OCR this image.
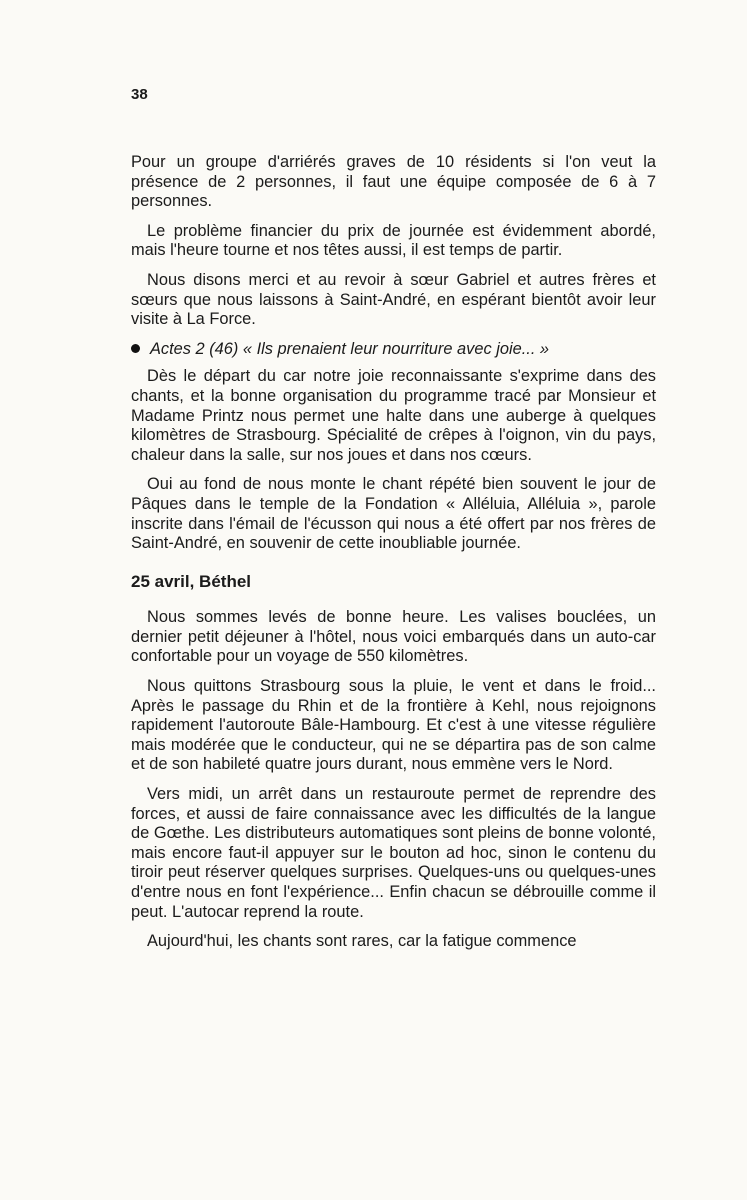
38

Pour un groupe d'arriérés graves de 10 résidents si l'on veut la présence de 2 personnes, il faut une équipe composée de 6 à 7 personnes.

Le problème financier du prix de journée est évidemment abordé, mais l'heure tourne et nos têtes aussi, il est temps de partir.

Nous disons merci et au revoir à sœur Gabriel et autres frères et sœurs que nous laissons à Saint-André, en espérant bientôt avoir leur visite à La Force.

Actes 2 (46) « Ils prenaient leur nourriture avec joie... »

Dès le départ du car notre joie reconnaissante s'exprime dans des chants, et la bonne organisation du programme tracé par Monsieur et Madame Printz nous permet une halte dans une auberge à quelques kilomètres de Strasbourg. Spécialité de crêpes à l'oignon, vin du pays, chaleur dans la salle, sur nos joues et dans nos cœurs.

Oui au fond de nous monte le chant répété bien souvent le jour de Pâques dans le temple de la Fondation « Alléluia, Alléluia », parole inscrite dans l'émail de l'écusson qui nous a été offert par nos frères de Saint-André, en souvenir de cette inoubliable journée.

25 avril, Béthel

Nous sommes levés de bonne heure. Les valises bouclées, un dernier petit déjeuner à l'hôtel, nous voici embarqués dans un auto-car confortable pour un voyage de 550 kilomètres.

Nous quittons Strasbourg sous la pluie, le vent et dans le froid... Après le passage du Rhin et de la frontière à Kehl, nous rejoignons rapidement l'autoroute Bâle-Hambourg. Et c'est à une vitesse régulière mais modérée que le conducteur, qui ne se départira pas de son calme et de son habileté quatre jours durant, nous emmène vers le Nord.

Vers midi, un arrêt dans un restauroute permet de reprendre des forces, et aussi de faire connaissance avec les difficultés de la langue de Gœthe. Les distributeurs automatiques sont pleins de bonne volonté, mais encore faut-il appuyer sur le bouton ad hoc, sinon le contenu du tiroir peut réserver quelques surprises. Quelques-uns ou quelques-unes d'entre nous en font l'expérience... Enfin chacun se débrouille comme il peut. L'autocar reprend la route.

Aujourd'hui, les chants sont rares, car la fatigue commence
